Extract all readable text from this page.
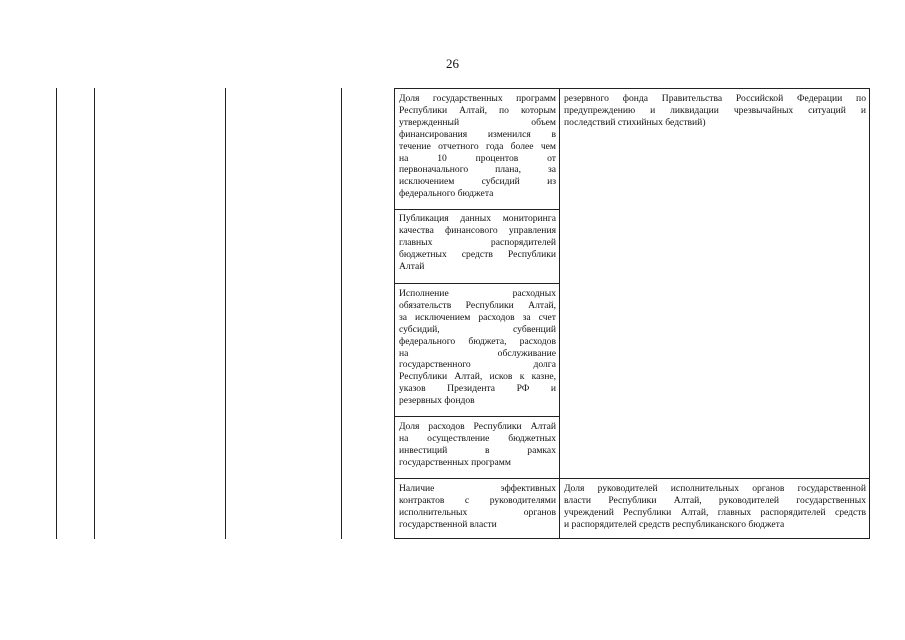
26
Доля государственных программ
Республики Алтай, по которым
утвержденный объем
финансирования изменился в
течение отчетного года более чем
на 10 процентов от
первоначального плана, за
исключением субсидий из
федерального бюджета
Публикация данных мониторинга
качества финансового управления
главных распорядителей
бюджетных средств Республики
Алтай
Исполнение расходных
обязательств Республики Алтай,
за исключением расходов за счет
субсидий, субвенций
федерального бюджета, расходов
на обслуживание
государственного долга
Республики Алтай, исков к казне,
указов Президента РФ и
резервных фондов
Доля расходов Республики Алтай
на осуществление бюджетных
инвестиций в рамках
государственных программ
Наличие эффективных
контрактов с руководителями
исполнительных органов
государственной власти
резервного фонда Правительства Российской Федерации по
предупреждению и ликвидации чрезвычайных ситуаций и
последствий стихийных бедствий)
Доля руководителей исполнительных органов государственной
власти Республики Алтай, руководителей государственных
учреждений Республики Алтай, главных распорядителей средств
и распорядителей средств республиканского бюджета
